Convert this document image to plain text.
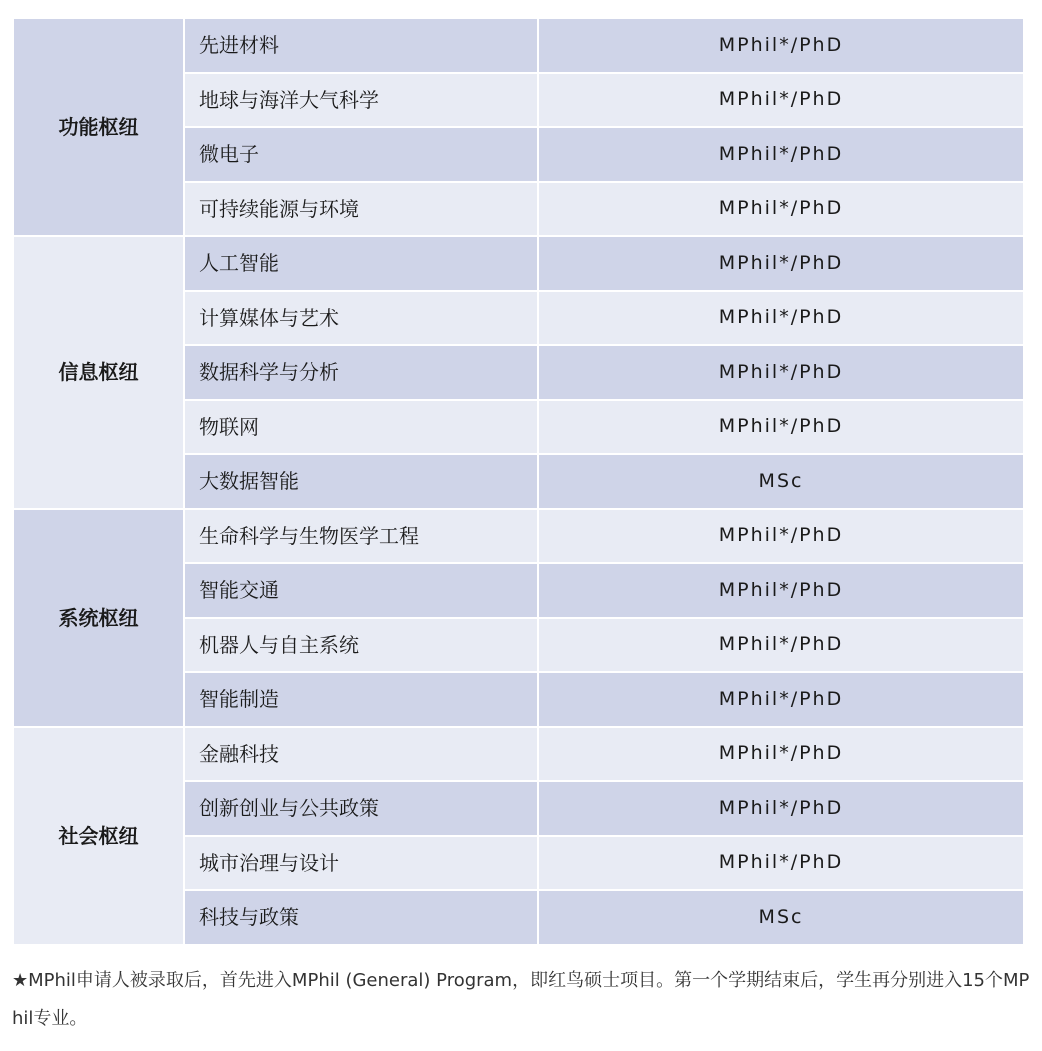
功能枢纽	先进材料	MPhil*/PhD
	地球与海洋大气科学	MPhil*/PhD
	微电子	MPhil*/PhD
	可持续能源与环境	MPhil*/PhD
信息枢纽	人工智能	MPhil*/PhD
	计算媒体与艺术	MPhil*/PhD
	数据科学与分析	MPhil*/PhD
	物联网	MPhil*/PhD
	大数据智能	MSc
系统枢纽	生命科学与生物医学工程	MPhil*/PhD
	智能交通	MPhil*/PhD
	机器人与自主系统	MPhil*/PhD
	智能制造	MPhil*/PhD
社会枢纽	金融科技	MPhil*/PhD
	创新创业与公共政策	MPhil*/PhD
	城市治理与设计	MPhil*/PhD
	科技与政策	MSc

★MPhil申请人被录取后，首先进入MPhil (General) Program，即红鸟硕士项目。第一个学期结束后，学生再分别进入15个MPhil专业。
